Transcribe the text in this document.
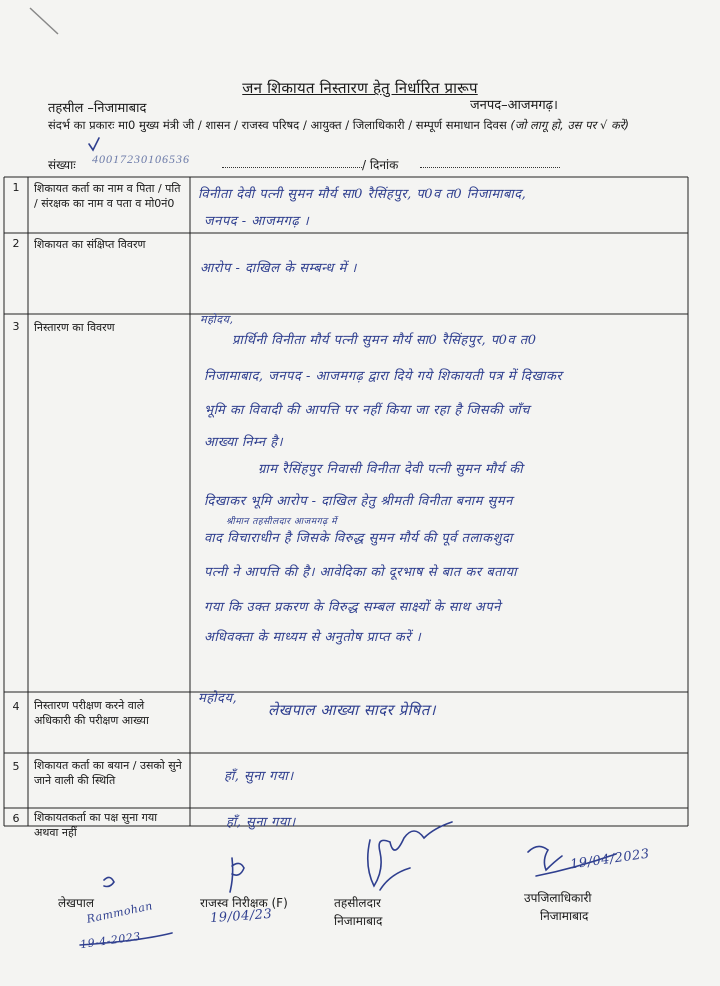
जन शिकायत निस्तारण हेतु निर्धारित प्रारूप
तहसील –निजामाबाद	जनपद–आजमगढ़।
संदर्भ का प्रकारः मा0 मुख्य मंत्री जी / शासन / राजस्व परिषद / आयुक्त / जिलाधिकारी / सम्पूर्ण समाधान दिवस (जो लागू हो, उस पर √ करें)
संख्याः 40017230106536	/ दिनांक
1	शिकायत कर्ता का नाम व पिता / पति / संरक्षक का नाम व पता व मो0नं0
विनीता देवी पत्नी सुमन मौर्य सा0 रैसिंहपुर, प0व त0 निजामाबाद,
जनपद - आजमगढ़ ।
2	शिकायत का संक्षिप्त विवरण
आरोप - दाखिल के सम्बन्ध में ।
3	निस्तारण का विवरण
महोदय,
प्रार्थिनी विनीता मौर्य पत्नी सुमन मौर्य सा0 रैसिंहपुर, प0व त0
निजामाबाद, जनपद - आजमगढ़ द्वारा दिये गये शिकायती पत्र में दिखाकर
भूमि का विवादी की आपत्ति पर नहीं किया जा रहा है जिसकी जाँच
आख्या निम्न है।
ग्राम रैसिंहपुर निवासी विनीता देवी पत्नी सुमन मौर्य की
दिखाकर भूमि आरोप - दाखिल हेतु श्रीमती विनीता बनाम सुमन
श्रीमान तहसीलदार आजमगढ़ में
वाद विचाराधीन है जिसके विरुद्ध सुमन मौर्य की पूर्व तलाकशुदा
पत्नी ने आपत्ति की है। आवेदिका को दूरभाष से बात कर बताया
गया कि उक्त प्रकरण के विरुद्ध सम्बल साक्ष्यों के साथ अपने
अधिवक्ता के माध्यम से अनुतोष प्राप्त करें ।
4	निस्तारण परीक्षण करने वाले अधिकारी की परीक्षण आख्या
महोदय,
लेखपाल आख्या सादर प्रेषित।
5	शिकायत कर्ता का बयान / उसको सुने जाने वाली की स्थिति	हाँ, सुना गया।
6	शिकायतकर्ता का पक्ष सुना गया अथवा नहीं
हाँ, सुना गया।
लेखपाल
Rammohan
19-4-2023
राजस्व निरीक्षक (F)
19/04/23
तहसीलदार
निजामाबाद
उपजिलाधिकारी
निजामाबाद
19/04/2023
